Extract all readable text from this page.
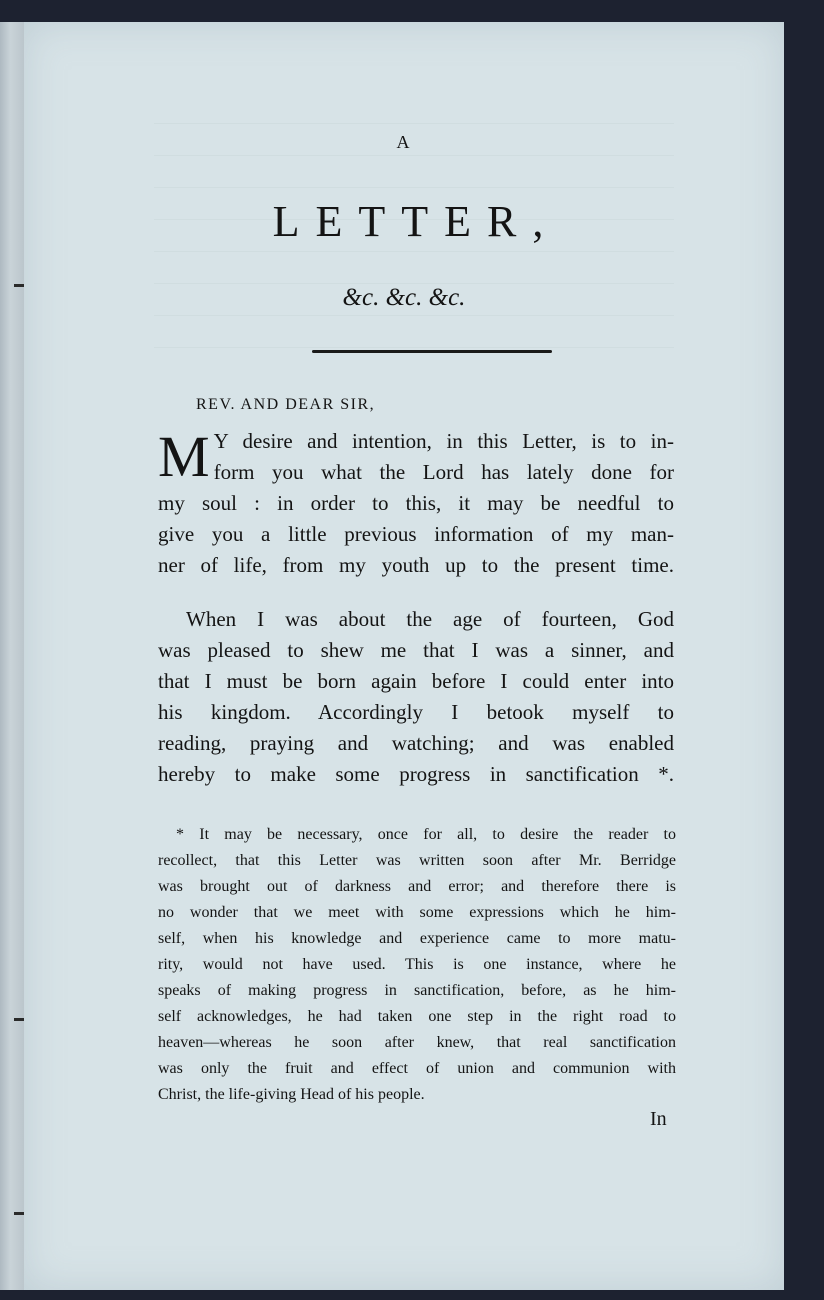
A
LETTER,
&c. &c. &c.
REV. AND DEAR SIR,
M Y desire and intention, in this Letter, is to in-
form you what the Lord has lately done for
my soul : in order to this, it may be needful to
give you a little previous information of my man-
ner of life, from my youth up to the present time.
When I was about the age of fourteen, God
was pleased to shew me that I was a sinner, and
that I must be born again before I could enter into
his kingdom. Accordingly I betook myself to
reading, praying and watching; and was enabled
hereby to make some progress in sanctification *.
* It may be necessary, once for all, to desire the reader to
recollect, that this Letter was written soon after Mr. Berridge
was brought out of darkness and error; and therefore there is
no wonder that we meet with some expressions which he him-
self, when his knowledge and experience came to more matu-
rity, would not have used. This is one instance, where he
speaks of making progress in sanctification, before, as he him-
self acknowledges, he had taken one step in the right road to
heaven—whereas he soon after knew, that real sanctification
was only the fruit and effect of union and communion with
Christ, the life-giving Head of his people.
In
